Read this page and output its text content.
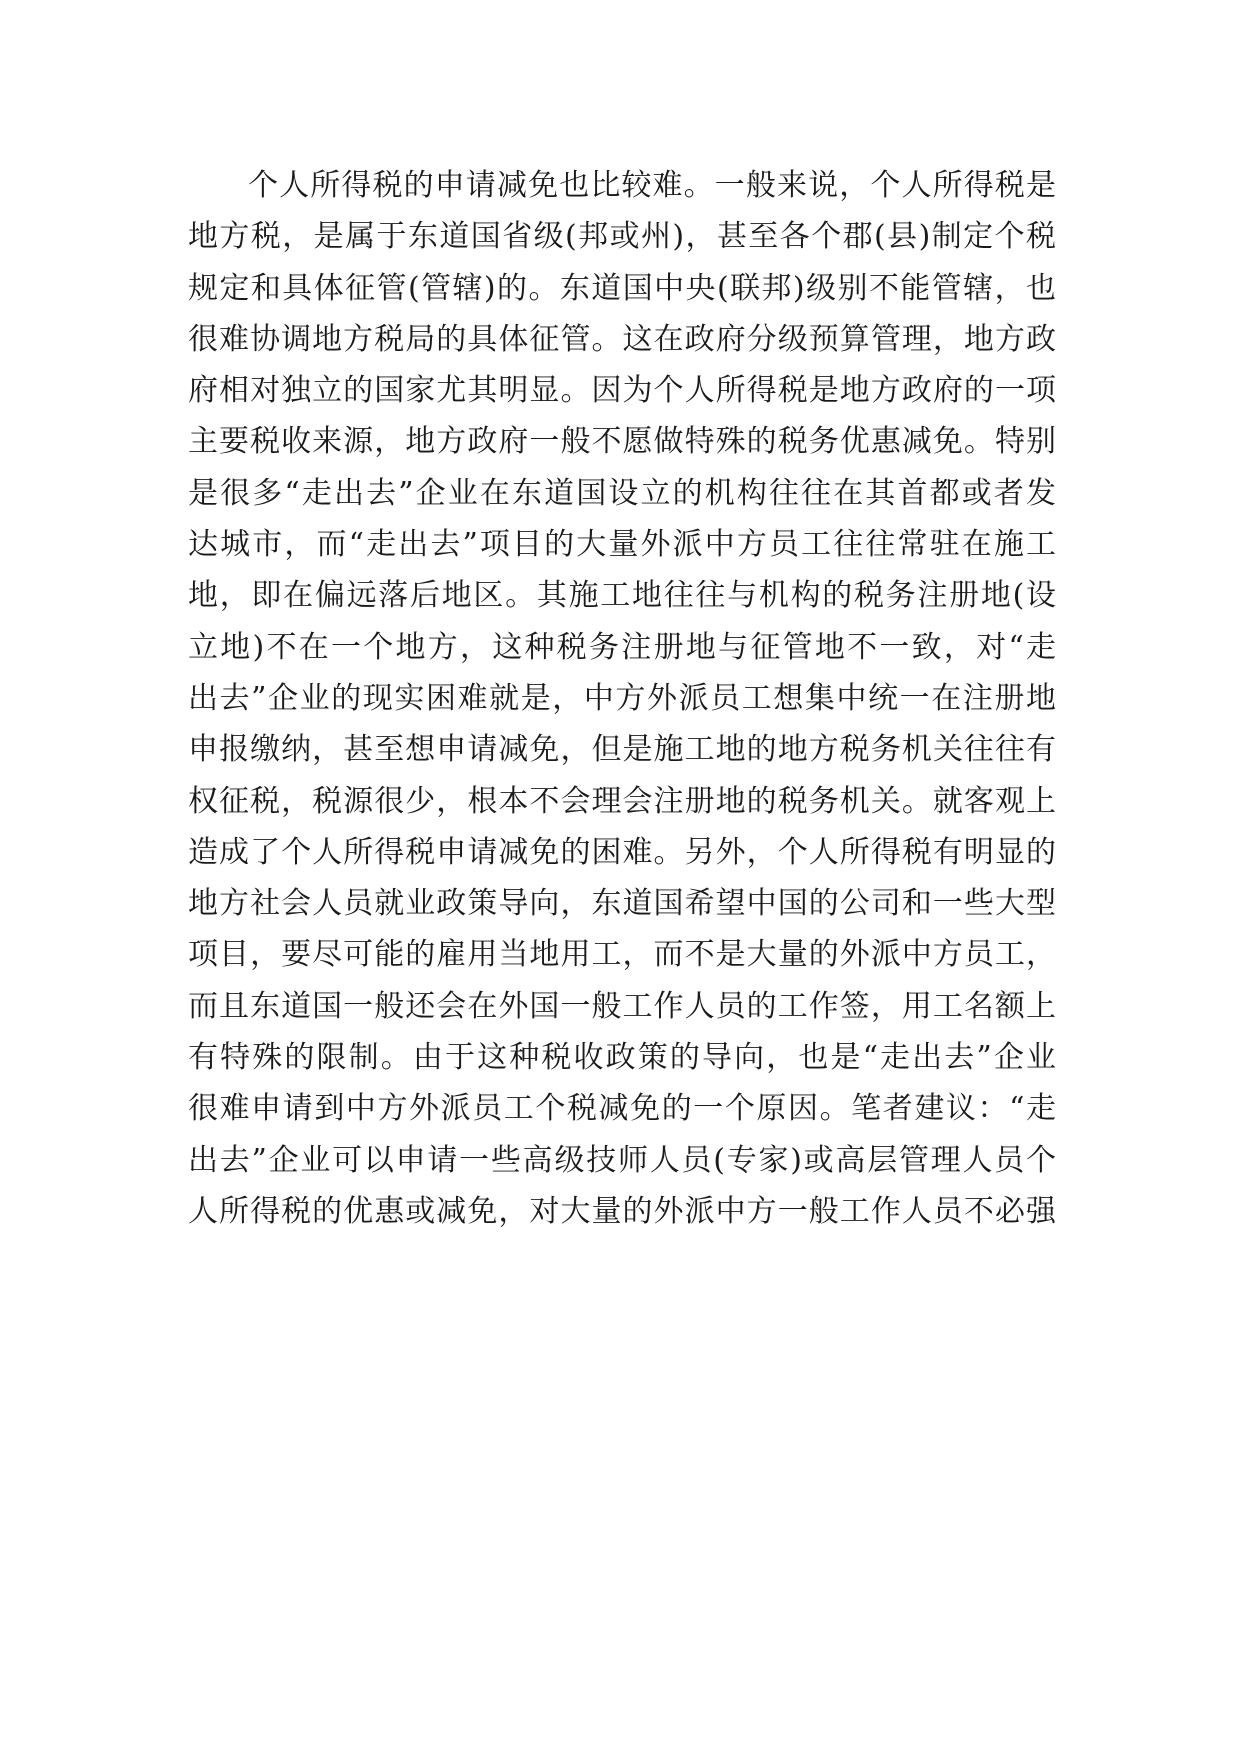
个人所得税的申请减免也比较难。一般来说，个人所得税是
地方税，是属于东道国省级(邦或州)，甚至各个郡(县)制定个税
规定和具体征管(管辖)的。东道国中央(联邦)级别不能管辖，也
很难协调地方税局的具体征管。这在政府分级预算管理，地方政
府相对独立的国家尤其明显。因为个人所得税是地方政府的一项
主要税收来源，地方政府一般不愿做特殊的税务优惠减免。特别
是很多“走出去”企业在东道国设立的机构往往在其首都或者发
达城市，而“走出去”项目的大量外派中方员工往往常驻在施工
地，即在偏远落后地区。其施工地往往与机构的税务注册地(设
立地)不在一个地方，这种税务注册地与征管地不一致，对“走
出去”企业的现实困难就是，中方外派员工想集中统一在注册地
申报缴纳，甚至想申请减免，但是施工地的地方税务机关往往有
权征税，税源很少，根本不会理会注册地的税务机关。就客观上
造成了个人所得税申请减免的困难。另外，个人所得税有明显的
地方社会人员就业政策导向，东道国希望中国的公司和一些大型
项目，要尽可能的雇用当地用工，而不是大量的外派中方员工，
而且东道国一般还会在外国一般工作人员的工作签，用工名额上
有特殊的限制。由于这种税收政策的导向，也是“走出去”企业
很难申请到中方外派员工个税减免的一个原因。笔者建议：“走
出去”企业可以申请一些高级技师人员(专家)或高层管理人员个
人所得税的优惠或减免，对大量的外派中方一般工作人员不必强
